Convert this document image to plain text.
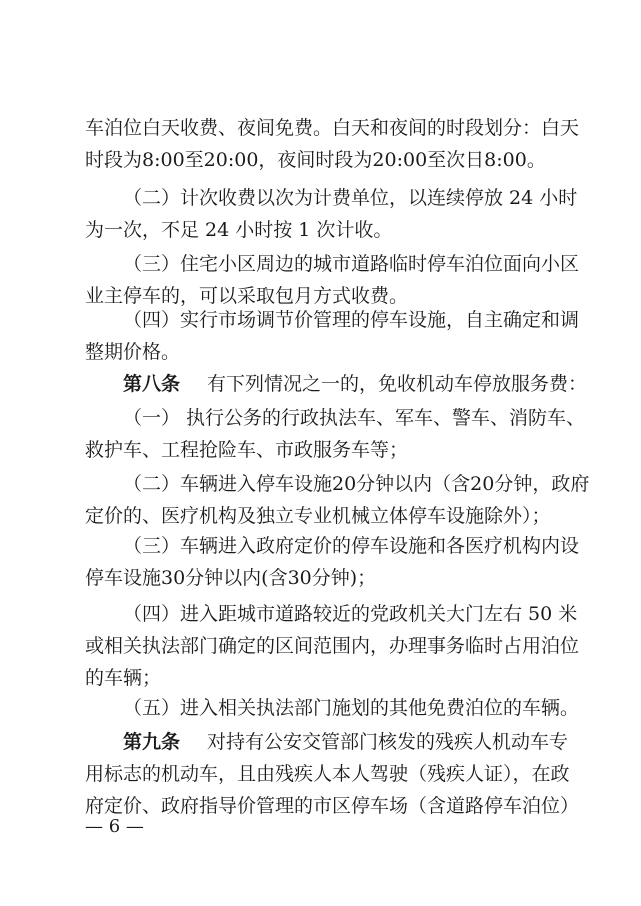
车泊位白天收费、夜间免费。白天和夜间的时段划分：白天
时段为8:00至20:00，夜间时段为20:00至次日8:00。
（二）计次收费以次为计费单位，以连续停放 24 小时
为一次，不足 24 小时按 1 次计收。
（三）住宅小区周边的城市道路临时停车泊位面向小区
业主停车的，可以采取包月方式收费。
（四）实行市场调节价管理的停车设施，自主确定和调
整期价格。
第八条 有下列情况之一的，免收机动车停放服务费：
（一） 执行公务的行政执法车、军车、警车、消防车、
救护车、工程抢险车、市政服务车等；
（二）车辆进入停车设施20分钟以内（含20分钟，政府
定价的、医疗机构及独立专业机械立体停车设施除外）；
（三）车辆进入政府定价的停车设施和各医疗机构内设
停车设施30分钟以内(含30分钟)；
（四）进入距城市道路较近的党政机关大门左右 50 米
或相关执法部门确定的区间范围内，办理事务临时占用泊位
的车辆；
（五）进入相关执法部门施划的其他免费泊位的车辆。
第九条 对持有公安交管部门核发的残疾人机动车专
用标志的机动车，且由残疾人本人驾驶（残疾人证），在政
府定价、政府指导价管理的市区停车场（含道路停车泊位）
— 6 —
